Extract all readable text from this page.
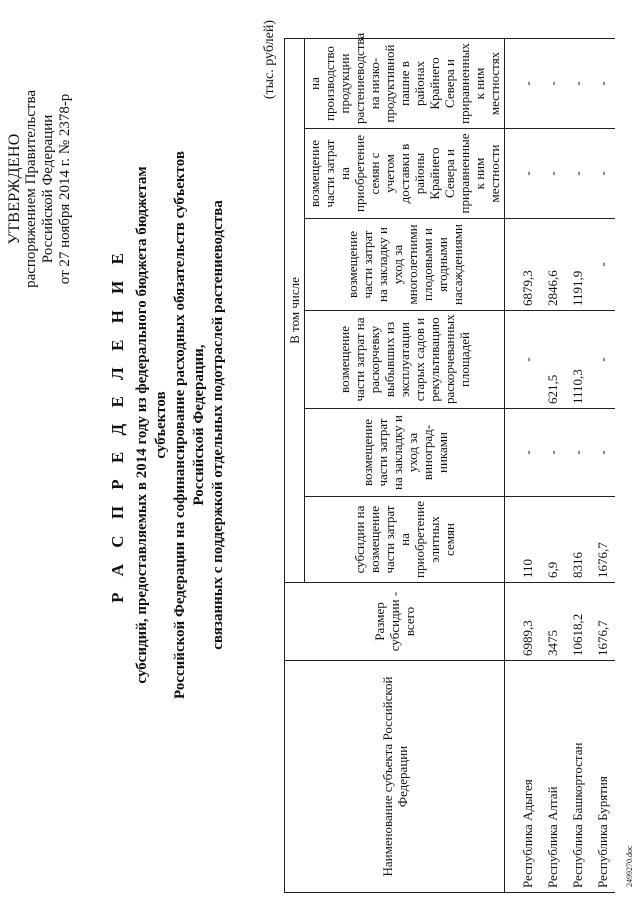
УТВЕРЖДЕНО распоряжением Правительства Российской Федерации от 27 ноября 2014 г. № 2378-р
Р А С П Р Е Д Е Л Е Н И Е субсидий, предоставляемых в 2014 году из федерального бюджета бюджетам субъектов Российской Федерации на софинансирование расходных обязательств субъектов Российской Федерации, связанных с поддержкой отдельных подотраслей растениеводства
(тыс. рублей)
Наименование субъекта Российской Федерации	Размер субсидии - всего	В том числе					
		субсидии на возмещение части затрат на приобретение элитных семян	возмещение части затрат на закладку и уход за виноград-никами	возмещение части затрат на раскорчевку выбывших из эксплуатации старых садов и рекультивацию раскорчеванных площадей	возмещение части затрат на закладку и уход за многолетними плодовыми и ягодными насаждениями	возмещение части затрат на приобретение семян с учетом доставки в районы Крайнего Севера и приравненные к ним местности	на производство продукции растениеводства на низко-продуктивной пашне в районах Крайнего Севера и приравненных к ним местностях
Республика Адыгея	6989,3	110	-	-	6879,3	-	-
Республика Алтай	3475	6,9	-	621,5	2846,6	-	-
Республика Башкортостан	10618,2	8316	-	1110,3	1191,9	-	-
Республика Бурятия	1676,7	1676,7	-	-	-	-	-
2499270.doc
